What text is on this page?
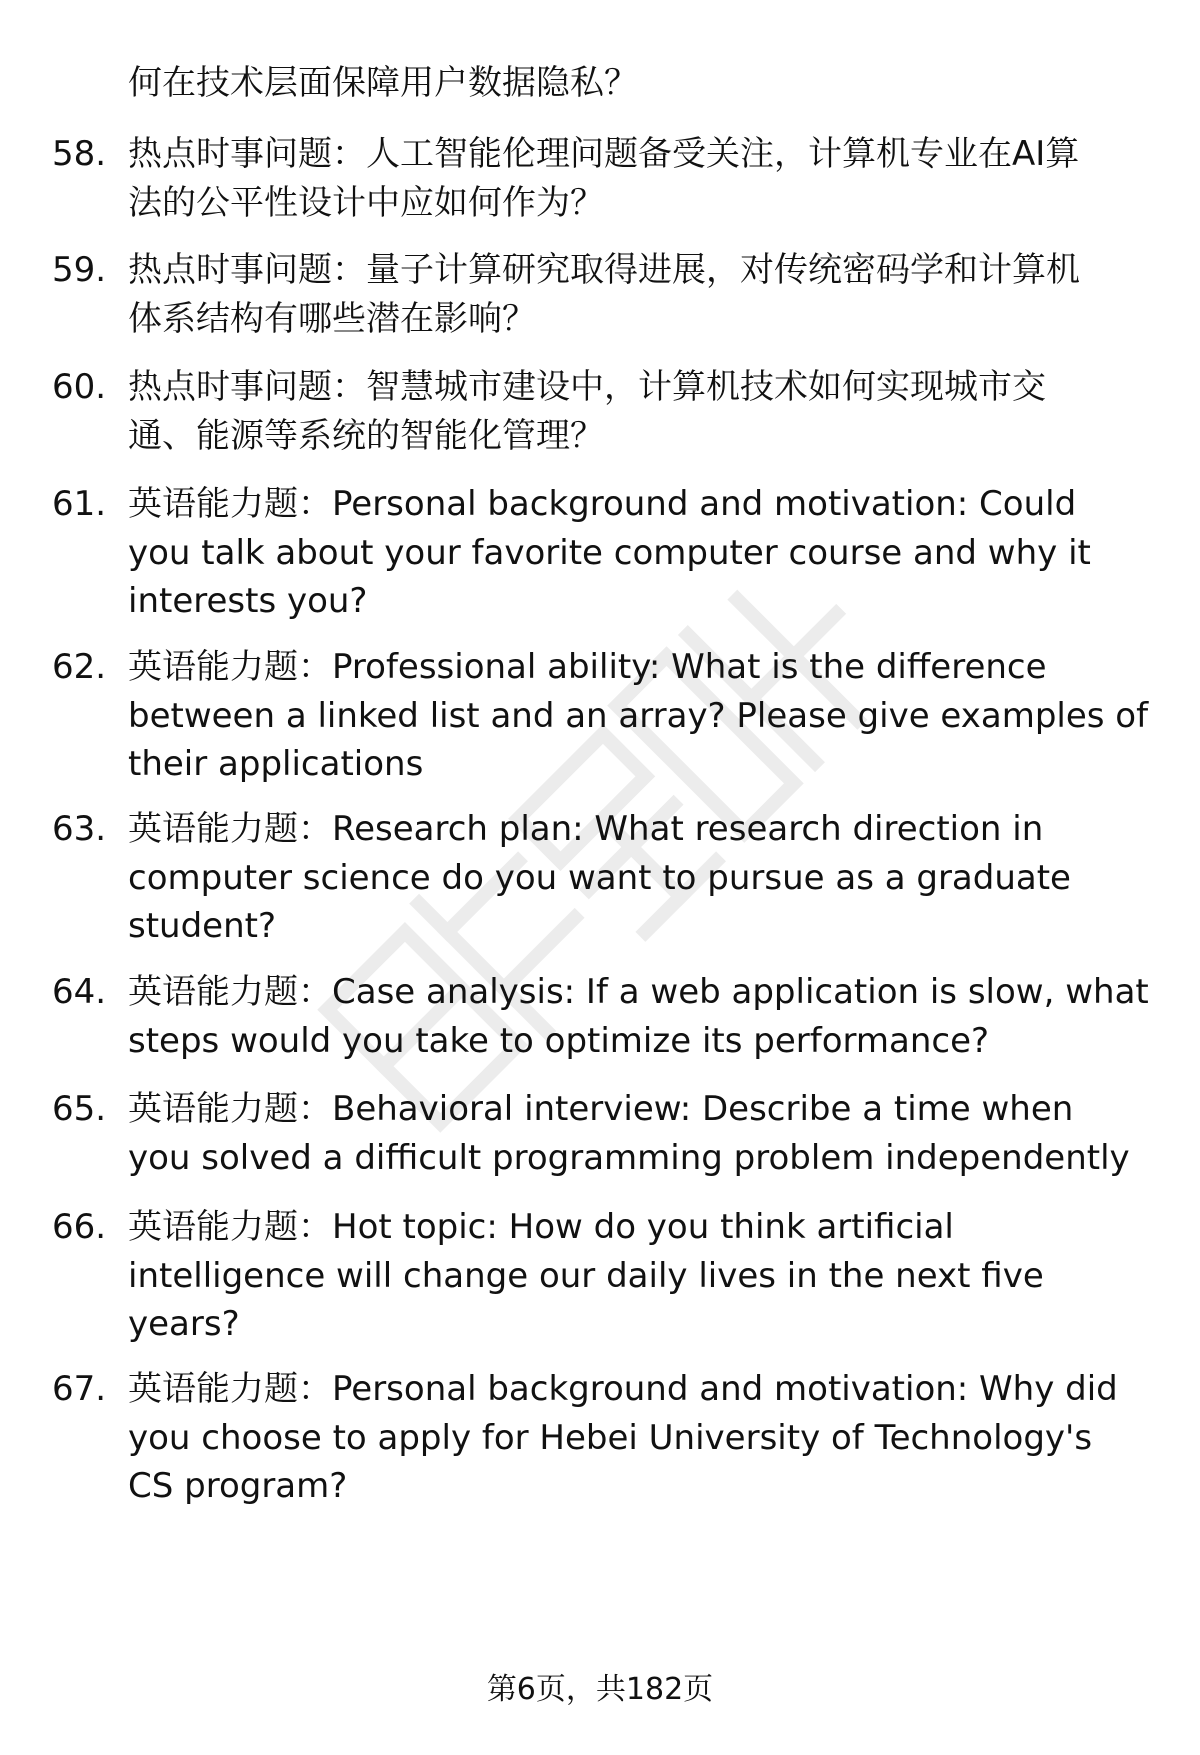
何在技术层面保障用户数据隐私？
58. 热点时事问题：人工智能伦理问题备受关注，计算机专业在AI算
法的公平性设计中应如何作为？
59. 热点时事问题：量子计算研究取得进展，对传统密码学和计算机
体系结构有哪些潜在影响？
60. 热点时事问题：智慧城市建设中，计算机技术如何实现城市交
通、能源等系统的智能化管理？
61. 英语能力题：Personal background and motivation: Could
you talk about your favorite computer course and why it
interests you?
62. 英语能力题：Professional ability: What is the difference
between a linked list and an array? Please give examples of
their applications
63. 英语能力题：Research plan: What research direction in
computer science do you want to pursue as a graduate
student?
64. 英语能力题：Case analysis: If a web application is slow, what
steps would you take to optimize its performance?
65. 英语能力题：Behavioral interview: Describe a time when
you solved a difficult programming problem independently
66. 英语能力题：Hot topic: How do you think artificial
intelligence will change our daily lives in the next five
years?
67. 英语能力题：Personal background and motivation: Why did
you choose to apply for Hebei University of Technology's
CS program?
第6页，共182页
